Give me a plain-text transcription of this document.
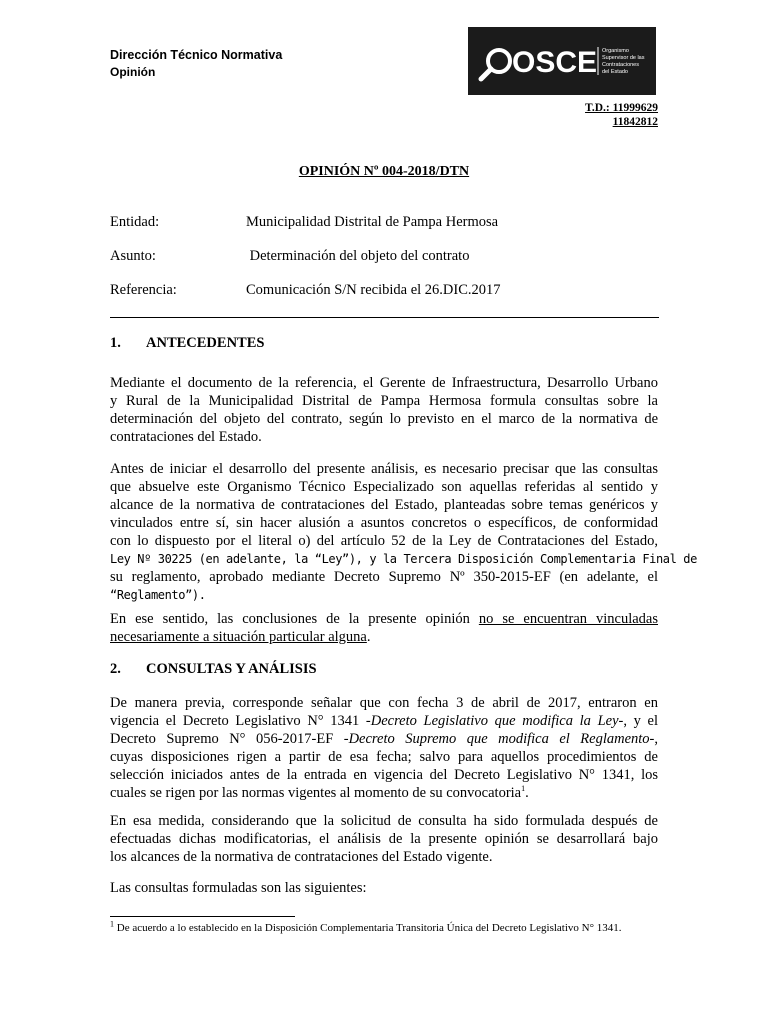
Dirección Técnico Normativa
Opinión	OSCE Organismo
Supervisor de las
Contrataciones
del Estado
T.D.: 11999629
11842812
OPINIÓN Nº 004-2018/DTN
Entidad:	Municipalidad Distrital de Pampa Hermosa
Asunto:	Determinación del objeto del contrato
Referencia:	Comunicación S/N recibida el 26.DIC.2017
1. ANTECEDENTES
Mediante el documento de la referencia, el Gerente de Infraestructura, Desarrollo Urbano
y Rural de la Municipalidad Distrital de Pampa Hermosa formula consultas sobre la
determinación del objeto del contrato, según lo previsto en el marco de la normativa de
contrataciones del Estado.
Antes de iniciar el desarrollo del presente análisis, es necesario precisar que las consultas
que absuelve este Organismo Técnico Especializado son aquellas referidas al sentido y
alcance de la normativa de contrataciones del Estado, planteadas sobre temas genéricos y
vinculados entre sí, sin hacer alusión a asuntos concretos o específicos, de conformidad
con lo dispuesto por el literal o) del artículo 52 de la Ley de Contrataciones del Estado,
Ley Nº 30225 (en adelante, la “Ley”), y la Tercera Disposición Complementaria Final de
su reglamento, aprobado mediante Decreto Supremo Nº 350-2015-EF (en adelante, el
“Reglamento”).
En ese sentido, las conclusiones de la presente opinión no se encuentran vinculadas
necesariamente a situación particular alguna.
2. CONSULTAS Y ANÁLISIS
De manera previa, corresponde señalar que con fecha 3 de abril de 2017, entraron en
vigencia el Decreto Legislativo N° 1341 -Decreto Legislativo que modifica la Ley-, y el
Decreto Supremo N° 056-2017-EF -Decreto Supremo que modifica el Reglamento-,
cuyas disposiciones rigen a partir de esa fecha; salvo para aquellos procedimientos de
selección iniciados antes de la entrada en vigencia del Decreto Legislativo N° 1341, los
cuales se rigen por las normas vigentes al momento de su convocatoria$^1$.
En esa medida, considerando que la solicitud de consulta ha sido formulada después de
efectuadas dichas modificatorias, el análisis de la presente opinión se desarrollará bajo
los alcances de la normativa de contrataciones del Estado vigente.
Las consultas formuladas son las siguientes:
$^1$ De acuerdo a lo establecido en la Disposición Complementaria Transitoria Única del Decreto Legislativo N° 1341.
